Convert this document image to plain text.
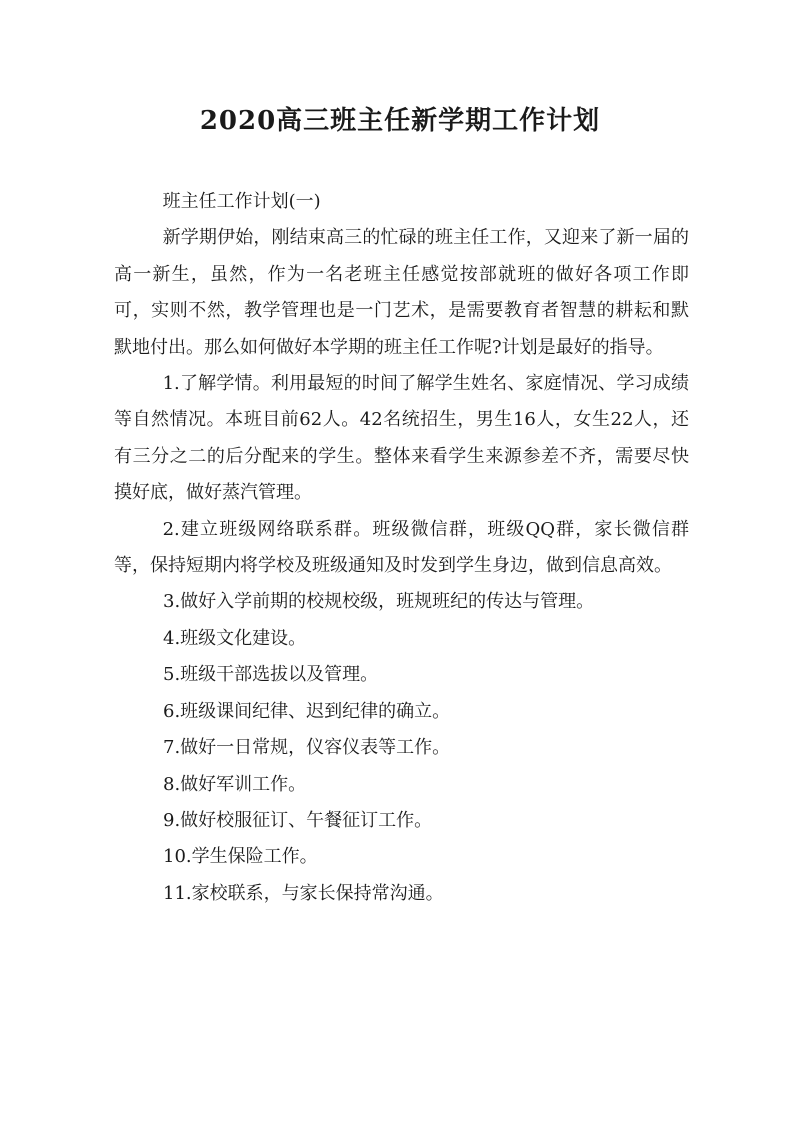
2020高三班主任新学期工作计划

班主任工作计划(一)

新学期伊始，刚结束高三的忙碌的班主任工作，又迎来了新一届的高一新生，虽然，作为一名老班主任感觉按部就班的做好各项工作即可，实则不然，教学管理也是一门艺术，是需要教育者智慧的耕耘和默默地付出。那么如何做好本学期的班主任工作呢?计划是最好的指导。

1.了解学情。利用最短的时间了解学生姓名、家庭情况、学习成绩等自然情况。本班目前62人。42名统招生，男生16人，女生22人，还有三分之二的后分配来的学生。整体来看学生来源参差不齐，需要尽快摸好底，做好蒸汽管理。

2.建立班级网络联系群。班级微信群，班级QQ群，家长微信群等，保持短期内将学校及班级通知及时发到学生身边，做到信息高效。

3.做好入学前期的校规校级，班规班纪的传达与管理。

4.班级文化建设。

5.班级干部选拔以及管理。

6.班级课间纪律、迟到纪律的确立。

7.做好一日常规，仪容仪表等工作。

8.做好军训工作。

9.做好校服征订、午餐征订工作。

10.学生保险工作。

11.家校联系，与家长保持常沟通。
